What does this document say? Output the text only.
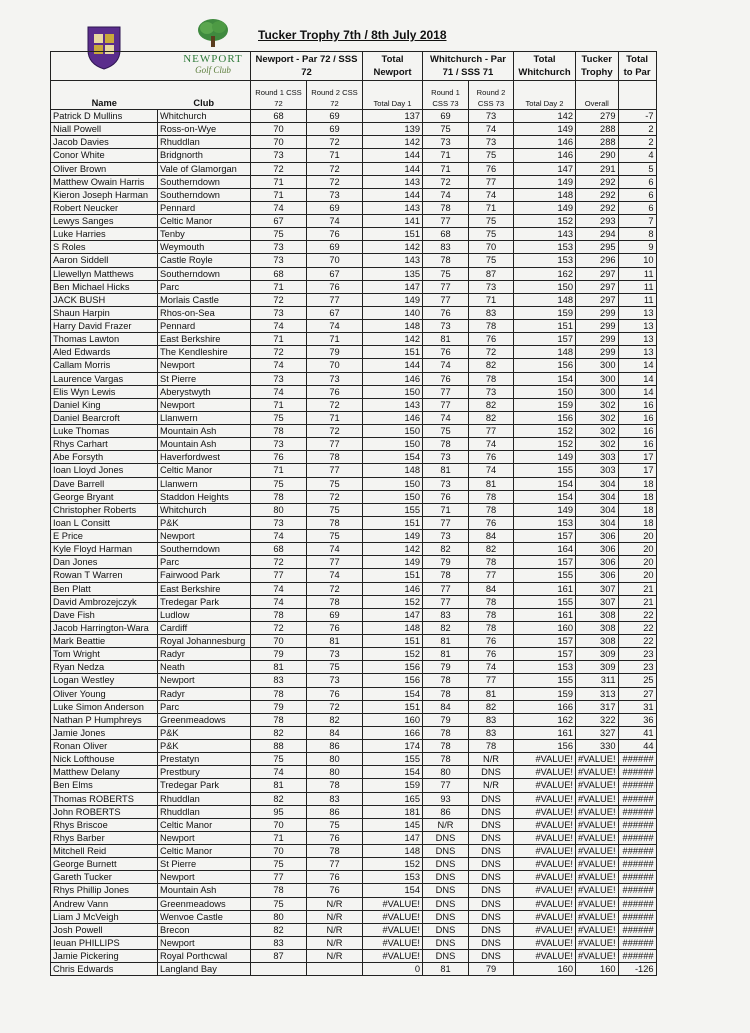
NEWPORT
Golf Club
Tucker Trophy 7th / 8th July 2018
		Newport - Par 72 / SSS 72		Total Newport	Whitchurch - Par 71 / SSS 71		Total Whitchurch	Tucker Trophy	Total to Par
Name	Club	Round 1 CSS 72	Round 2 CSS 72	Total Day 1	Round 1 CSS 73	Round 2 CSS 73	Total Day 2	Overall	
Patrick D Mullins	Whitchurch	68	69	137	69	73	142	279	-7
Niall Powell	Ross-on-Wye	70	69	139	75	74	149	288	2
Jacob Davies	Rhuddlan	70	72	142	73	73	146	288	2
Conor White	Bridgnorth	73	71	144	71	75	146	290	4
Oliver Brown	Vale of Glamorgan	72	72	144	71	76	147	291	5
Matthew Owain Harris	Southerndown	71	72	143	72	77	149	292	6
Kieron Joseph Harman	Southerndown	71	73	144	74	74	148	292	6
Robert Neucker	Pennard	74	69	143	78	71	149	292	6
Lewys Sanges	Celtic Manor	67	74	141	77	75	152	293	7
Luke Harries	Tenby	75	76	151	68	75	143	294	8
S Roles	Weymouth	73	69	142	83	70	153	295	9
Aaron Siddell	Castle Royle	73	70	143	78	75	153	296	10
Llewellyn Matthews	Southerndown	68	67	135	75	87	162	297	11
Ben Michael Hicks	Parc	71	76	147	77	73	150	297	11
JACK BUSH	Morlais Castle	72	77	149	77	71	148	297	11
Shaun Harpin	Rhos-on-Sea	73	67	140	76	83	159	299	13
Harry David Frazer	Pennard	74	74	148	73	78	151	299	13
Thomas Lawton	East Berkshire	71	71	142	81	76	157	299	13
Aled Edwards	The Kendleshire	72	79	151	76	72	148	299	13
Callam Morris	Newport	74	70	144	74	82	156	300	14
Laurence Vargas	St Pierre	73	73	146	76	78	154	300	14
Elis Wyn Lewis	Aberystwyth	74	76	150	77	73	150	300	14
Daniel King	Newport	71	72	143	77	82	159	302	16
Daniel Bearcroft	Llanwern	75	71	146	74	82	156	302	16
Luke Thomas	Mountain Ash	78	72	150	75	77	152	302	16
Rhys Carhart	Mountain Ash	73	77	150	78	74	152	302	16
Abe Forsyth	Haverfordwest	76	78	154	73	76	149	303	17
Ioan Lloyd Jones	Celtic Manor	71	77	148	81	74	155	303	17
Dave Barrell	Llanwern	75	75	150	73	81	154	304	18
George Bryant	Staddon Heights	78	72	150	76	78	154	304	18
Christopher Roberts	Whitchurch	80	75	155	71	78	149	304	18
Ioan L Consitt	P&K	73	78	151	77	76	153	304	18
E Price	Newport	74	75	149	73	84	157	306	20
Kyle Floyd Harman	Southerndown	68	74	142	82	82	164	306	20
Dan Jones	Parc	72	77	149	79	78	157	306	20
Rowan T Warren	Fairwood Park	77	74	151	78	77	155	306	20
Ben Platt	East Berkshire	74	72	146	77	84	161	307	21
David Ambrozejczyk	Tredegar Park	74	78	152	77	78	155	307	21
Dave Fish	Ludlow	78	69	147	83	78	161	308	22
Jacob Harrington-Wara	Cardiff	72	76	148	82	78	160	308	22
Mark Beattie	Royal Johannesburg	70	81	151	81	76	157	308	22
Tom Wright	Radyr	79	73	152	81	76	157	309	23
Ryan Nedza	Neath	81	75	156	79	74	153	309	23
Logan Westley	Newport	83	73	156	78	77	155	311	25
Oliver Young	Radyr	78	76	154	78	81	159	313	27
Luke Simon Anderson	Parc	79	72	151	84	82	166	317	31
Nathan P Humphreys	Greenmeadows	78	82	160	79	83	162	322	36
Jamie Jones	P&K	82	84	166	78	83	161	327	41
Ronan Oliver	P&K	88	86	174	78	78	156	330	44
Nick Lofthouse	Prestatyn	75	80	155	78	N/R	#VALUE!	#VALUE!	######
Matthew Delany	Prestbury	74	80	154	80	DNS	#VALUE!	#VALUE!	######
Ben Elms	Tredegar Park	81	78	159	77	N/R	#VALUE!	#VALUE!	######
Thomas ROBERTS	Rhuddlan	82	83	165	93	DNS	#VALUE!	#VALUE!	######
John ROBERTS	Rhuddlan	95	86	181	86	DNS	#VALUE!	#VALUE!	######
Rhys Briscoe	Celtic Manor	70	75	145	N/R	DNS	#VALUE!	#VALUE!	######
Rhys Barber	Newport	71	76	147	DNS	DNS	#VALUE!	#VALUE!	######
Mitchell Reid	Celtic Manor	70	78	148	DNS	DNS	#VALUE!	#VALUE!	######
George Burnett	St Pierre	75	77	152	DNS	DNS	#VALUE!	#VALUE!	######
Gareth Tucker	Newport	77	76	153	DNS	DNS	#VALUE!	#VALUE!	######
Rhys Phillip Jones	Mountain Ash	78	76	154	DNS	DNS	#VALUE!	#VALUE!	######
Andrew Vann	Greenmeadows	75	N/R	#VALUE!	DNS	DNS	#VALUE!	#VALUE!	######
Liam J McVeigh	Wenvoe Castle	80	N/R	#VALUE!	DNS	DNS	#VALUE!	#VALUE!	######
Josh Powell	Brecon	82	N/R	#VALUE!	DNS	DNS	#VALUE!	#VALUE!	######
Ieuan PHILLIPS	Newport	83	N/R	#VALUE!	DNS	DNS	#VALUE!	#VALUE!	######
Jamie Pickering	Royal Porthcwal	87	N/R	#VALUE!	DNS	DNS	#VALUE!	#VALUE!	######
Chris Edwards	Langland Bay			0	81	79	160	160	-126
